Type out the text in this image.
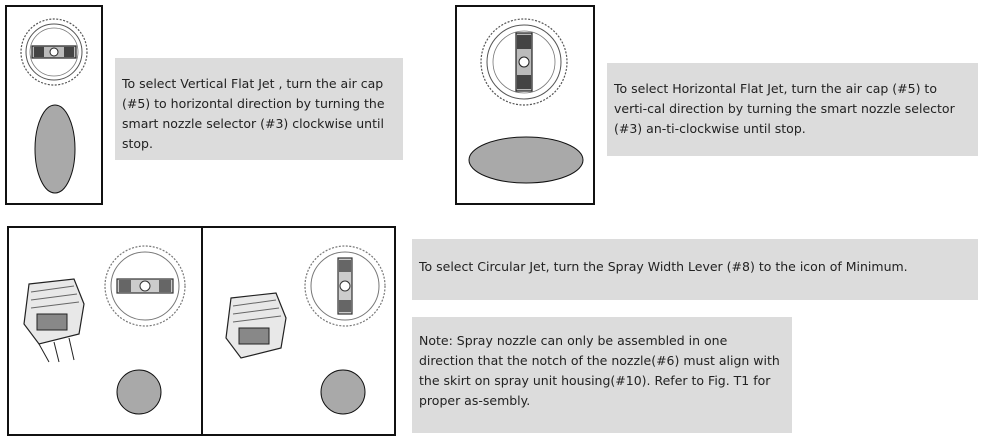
To select Vertical Flat Jet , turn the air cap (#5) to horizontal direction by turning the smart nozzle selector (#3) clockwise until stop.

To select Horizontal Flat Jet, turn the air cap (#5) to verti-cal direction by turning the smart nozzle selector (#3) an-ti-clockwise until stop.

To select Circular Jet, turn the Spray Width Lever (#8) to the icon of Minimum.

Note: Spray nozzle can only be assembled in one direction that the notch of the nozzle(#6) must align with the skirt on spray unit housing(#10). Refer to Fig. T1 for proper as-sembly.
